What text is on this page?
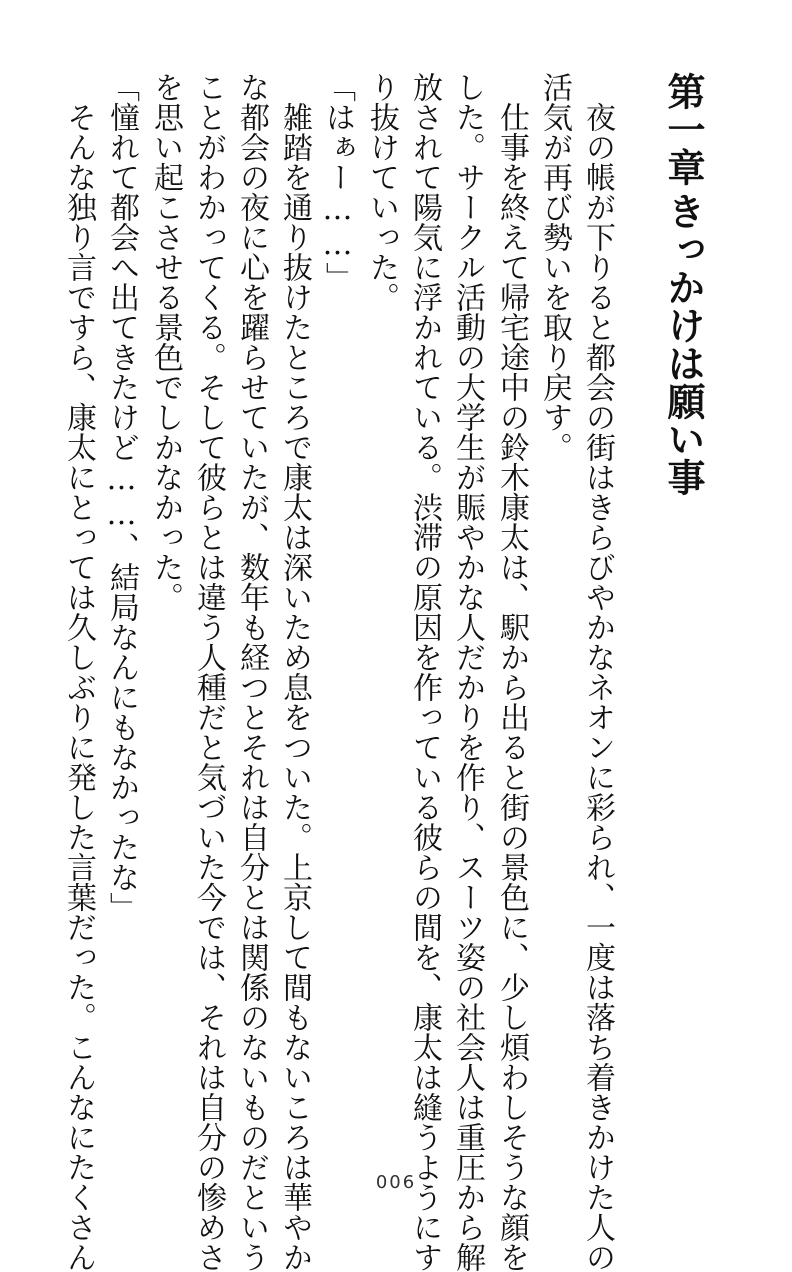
第一章
きっかけは願い事
夜の帳が下りると都会の街はきらびやかなネオンに彩られ、一度は落ち着きかけた人の
活気が再び勢いを取り戻す。
仕事を終えて帰宅途中の鈴木康太は、駅から出ると街の景色に、少し煩わしそうな顔を
した。サークル活動の大学生が賑やかな人だかりを作り、スーツ姿の社会人は重圧から解
放されて陽気に浮かれている。渋滞の原因を作っている彼らの間を、康太は縫うようにす
り抜けていった。
「はぁー……」
雑踏を通り抜けたところで康太は深いため息をついた。上京して間もないころは華やか
な都会の夜に心を躍らせていたが、数年も経つとそれは自分とは関係のないものだという
ことがわかってくる。そして彼らとは違う人種だと気づいた今では、それは自分の惨めさ
を思い起こさせる景色でしかなかった。
「憧れて都会へ出てきたけど……、結局なんにもなかったな」
そんな独り言ですら、康太にとっては久しぶりに発した言葉だった。こんなにたくさん	006
